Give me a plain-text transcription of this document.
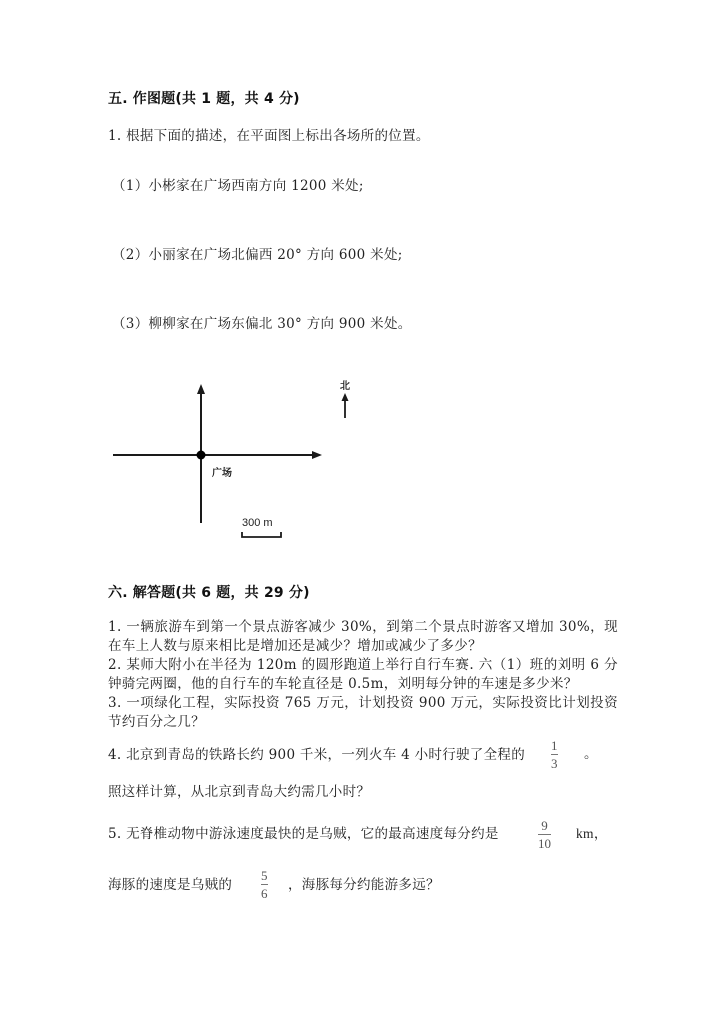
五. 作图题(共 1 题，共 4 分)
1. 根据下面的描述，在平面图上标出各场所的位置。
（1）小彬家在广场西南方向 1200 米处;
（2）小丽家在广场北偏西 20° 方向 600 米处;
（3）柳柳家在广场东偏北 30° 方向 900 米处。
广场
北
300 m
六. 解答题(共 6 题，共 29 分)
1. 一辆旅游车到第一个景点游客减少 30%，到第二个景点时游客又增加 30%，现在车上人数与原来相比是增加还是减少？增加或减少了多少？
2. 某师大附小在半径为 120m 的圆形跑道上举行自行车赛. 六（1）班的刘明 6 分钟骑完两圈，他的自行车的车轮直径是 0.5m，刘明每分钟的车速是多少米？
3. 一项绿化工程，实际投资 765 万元，计划投资 900 万元，实际投资比计划投资节约百分之几？
4. 北京到青岛的铁路长约 900 千米，一列火车 4 小时行驶了全程的
1
3
。
照这样计算，从北京到青岛大约需几小时？
5. 无脊椎动物中游泳速度最快的是乌贼，它的最高速度每分约是
9
10
km，
海豚的速度是乌贼的
5
6
，海豚每分约能游多远？
